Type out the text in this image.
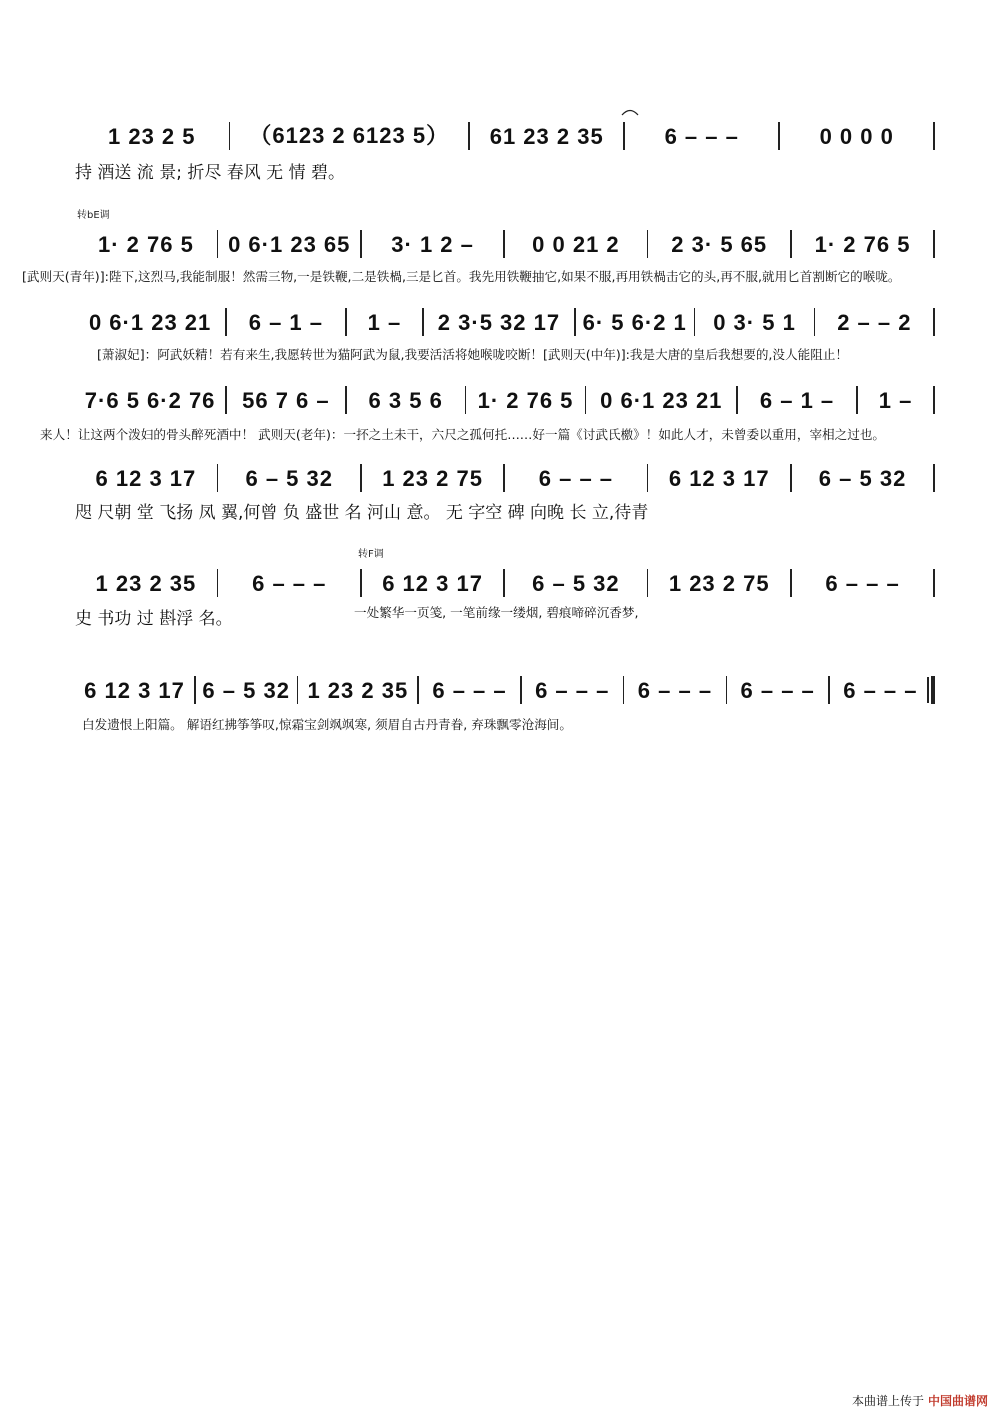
1 23 2 5 （6123 2 6123 5） 61 23 2 35	6 – – –	0 0 0 0
持 酒送 流 景; 折尽 春风 无 情 碧。
转bE调
1· 2 76 5 0 6·1 23 65 3· 1 2 –	0 0 21 2 2 3· 5 65 1· 2 76 5
[武则天(青年)]:陛下,这烈马,我能制服！然需三物,一是铁鞭,二是铁楇,三是匕首。我先用铁鞭抽它,如果不服,再用铁楇击它的头,再不服,就用匕首割断它的喉咙。
0 6·1 23 21 6 – 1 – 1 – 2 3·5 32 17 6· 5 6·2 1 0 3· 5 1 2 – – 2
[萧淑妃]：阿武妖精！若有来生,我愿转世为猫阿武为鼠,我要活活将她喉咙咬断！[武则天(中年)]:我是大唐的皇后我想要的,没人能阻止！
7·6 5 6·2 76 56 7 6 – 6 3 5 6 1· 2 76 5 0 6·1 23 21 6 – 1 – 1 –
来人！让这两个泼妇的骨头醉死酒中！ 武则天(老年)：一抔之土未干，六尺之孤何托……好一篇《讨武氏檄》！如此人才，未曾委以重用，宰相之过也。
6 12 3 17 6 – 5 32 1 23 2 75	6 – – –	6 12 3 17 6 – 5 32
咫 尺朝 堂 飞扬 凤 翼,何曾 负 盛世 名 河山 意。 无 字空 碑 向晚 长 立,待青
转F调
1 23 2 35	6 – – –	6 12 3 17 6 – 5 32 1 23 2 75	6 – – –
史 书功 过 斟浮 名。	一处繁华一页笺, 一笔前缘一缕烟, 碧痕啼碎沉香梦,
6 12 3 17 6 – 5 32 1 23 2 35 6 – – – 6 – – – 6 – – – 6 – – – 6 – – –
白发遗恨上阳篇。 解语红拂筝筝叹,惊霜宝剑飒飒寒, 须眉自古丹青眷, 弃珠飘零沧海间。
本曲谱上传于 中国曲谱网
